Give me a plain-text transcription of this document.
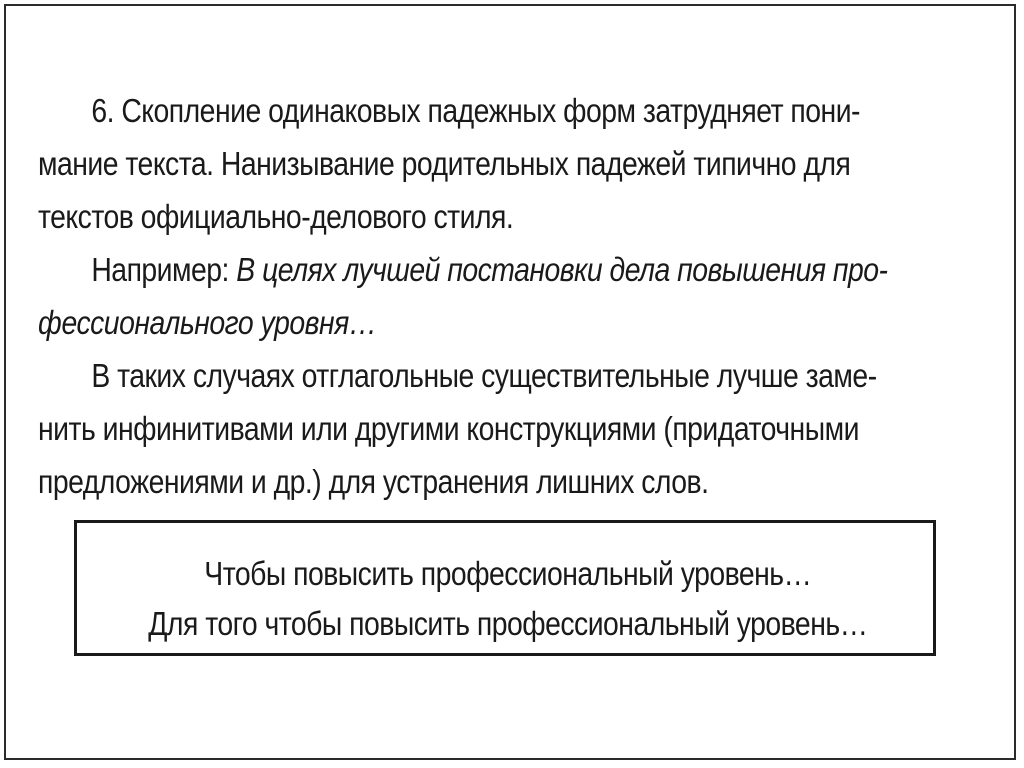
6. Скопление одинаковых падежных форм затрудняет пони-
мание текста. Нанизывание родительных падежей типично для
текстов официально-делового стиля.

Например: В целях лучшей постановки дела повышения про-
фессионального уровня…

В таких случаях отглагольные существительные лучше заме-
нить инфинитивами или другими конструкциями (придаточными
предложениями и др.) для устранения лишних слов.

Чтобы повысить профессиональный уровень…
Для того чтобы повысить профессиональный уровень…
